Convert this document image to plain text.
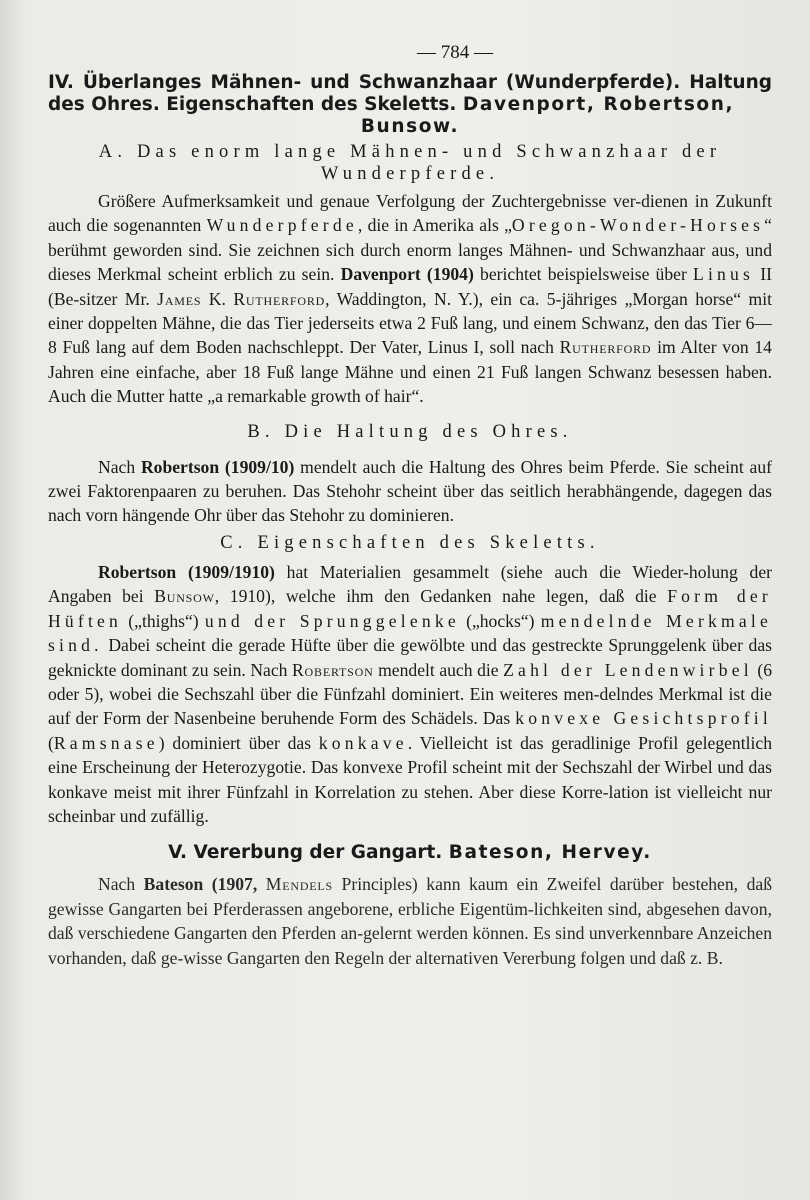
— 784 —
IV. Überlanges Mähnen- und Schwanzhaar (Wunderpferde). Haltung des Ohres. Eigenschaften des Skeletts. Davenport, Robertson,
Bunsow.
A. Das enorm lange Mähnen- und Schwanzhaar der Wunderpferde.

Größere Aufmerksamkeit und genaue Verfolgung der Zuchtergebnisse ver-dienen in Zukunft auch die sogenannten Wunderpferde, die in Amerika als „Oregon-Wonder-Horses“ berühmt geworden sind. Sie zeichnen sich durch enorm langes Mähnen- und Schwanzhaar aus, und dieses Merkmal scheint erblich zu sein. Davenport (1904) berichtet beispielsweise über Linus II (Be-sitzer Mr. James K. Rutherford, Waddington, N. Y.), ein ca. 5-jähriges „Morgan horse“ mit einer doppelten Mähne, die das Tier jederseits etwa 2 Fuß lang, und einem Schwanz, den das Tier 6—8 Fuß lang auf dem Boden nachschleppt. Der Vater, Linus I, soll nach Rutherford im Alter von 14 Jahren eine einfache, aber 18 Fuß lange Mähne und einen 21 Fuß langen Schwanz besessen haben. Auch die Mutter hatte „a remarkable growth of hair“.

B. Die Haltung des Ohres.

Nach Robertson (1909/10) mendelt auch die Haltung des Ohres beim Pferde. Sie scheint auf zwei Faktorenpaaren zu beruhen. Das Stehohr scheint über das seitlich herabhängende, dagegen das nach vorn hängende Ohr über das Stehohr zu dominieren.

C. Eigenschaften des Skeletts.

Robertson (1909/1910) hat Materialien gesammelt (siehe auch die Wieder-holung der Angaben bei Bunsow, 1910), welche ihm den Gedanken nahe legen, daß die Form der Hüften („thighs“) und der Sprunggelenke („hocks“) mendelnde Merkmale sind. Dabei scheint die gerade Hüfte über die gewölbte und das gestreckte Sprunggelenk über das geknickte dominant zu sein. Nach Robertson mendelt auch die Zahl der Lendenwirbel (6 oder 5), wobei die Sechszahl über die Fünfzahl dominiert. Ein weiteres men-delndes Merkmal ist die auf der Form der Nasenbeine beruhende Form des Schädels. Das konvexe Gesichtsprofil (Ramsnase) dominiert über das konkave. Vielleicht ist das geradlinige Profil gelegentlich eine Erscheinung der Heterozygotie. Das konvexe Profil scheint mit der Sechszahl der Wirbel und das konkave meist mit ihrer Fünfzahl in Korrelation zu stehen. Aber diese Korre-lation ist vielleicht nur scheinbar und zufällig.

V. Vererbung der Gangart. Bateson, Hervey.

Nach Bateson (1907, Mendels Principles) kann kaum ein Zweifel darüber bestehen, daß gewisse Gangarten bei Pferderassen angeborene, erbliche Eigentüm-lichkeiten sind, abgesehen davon, daß verschiedene Gangarten den Pferden an-gelernt werden können. Es sind unverkennbare Anzeichen vorhanden, daß ge-wisse Gangarten den Regeln der alternativen Vererbung folgen und daß z. B.
